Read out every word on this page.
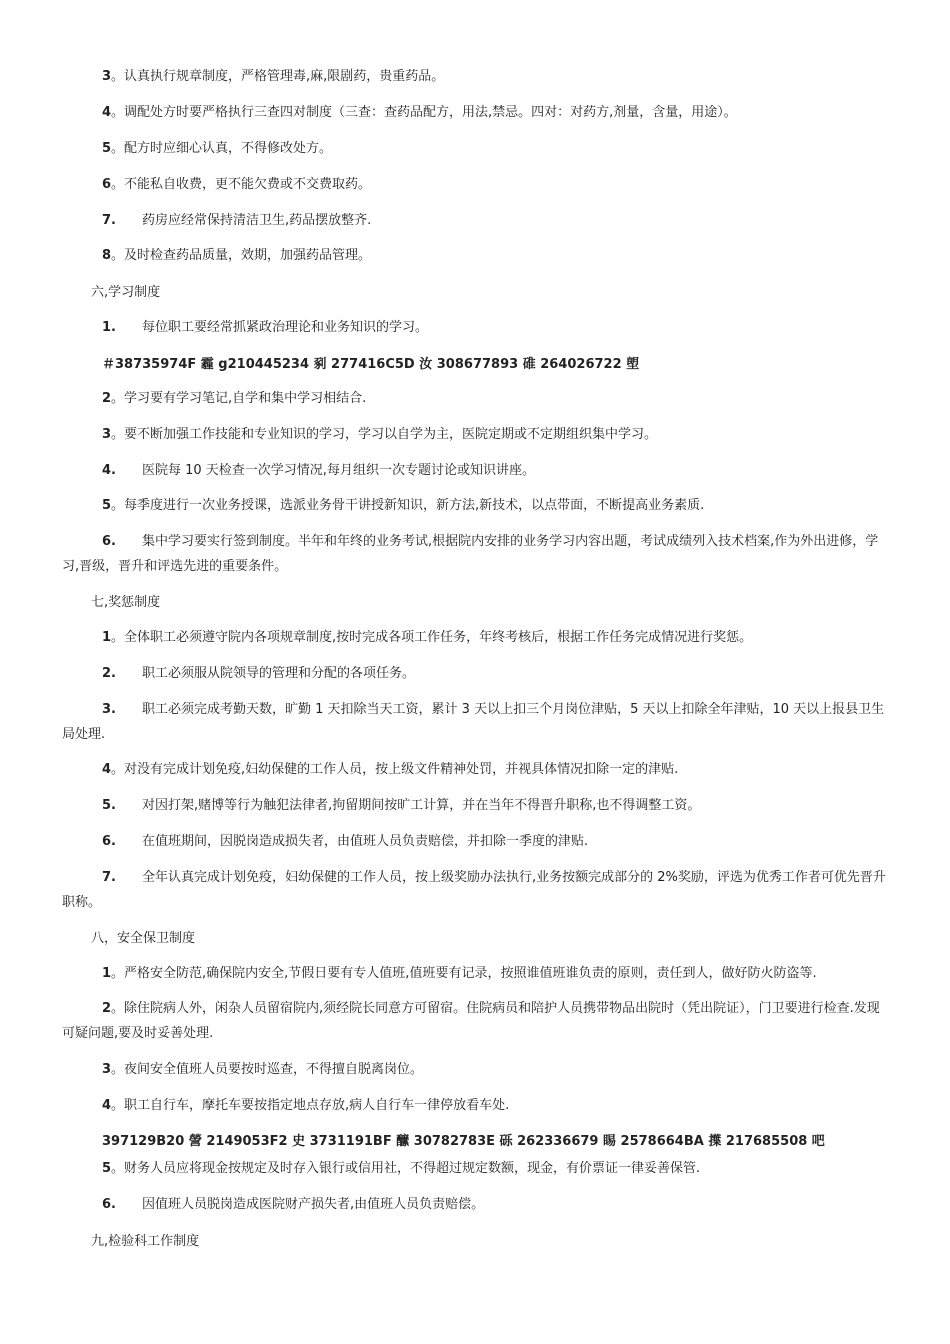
3。认真执行规章制度，严格管理毒,麻,限剧药，贵重药品。
4。调配处方时要严格执行三查四对制度（三查：查药品配方，用法,禁忌。四对：对药方,剂量，含量，用途）。
5。配方时应细心认真，不得修改处方。
6。不能私自收费，更不能欠费或不交费取药。
7. 药房应经常保持清洁卫生,药品摆放整齐.
8。及时检查药品质量，效期，加强药品管理。
六,学习制度
1. 每位职工要经常抓紧政治理论和业务知识的学习。
＃38735974F 霾 g210445234 剢 277416C5D 汝 308677893 碓 264026722 塱
2。学习要有学习笔记,自学和集中学习相结合.
3。要不断加强工作技能和专业知识的学习，学习以自学为主，医院定期或不定期组织集中学习。
4. 医院每 10 天检查一次学习情况,每月组织一次专题讨论或知识讲座。
5。每季度进行一次业务授课，选派业务骨干讲授新知识，新方法,新技术，以点带面，不断提高业务素质.
6. 集中学习要实行签到制度。半年和年终的业务考试,根据院内安排的业务学习内容出题，考试成绩列入技术档案,作为外出进修，学习,晋级，晋升和评选先进的重要条件。
七,奖惩制度
1。全体职工必须遵守院内各项规章制度,按时完成各项工作任务，年终考核后，根据工作任务完成情况进行奖惩。
2. 职工必须服从院领导的管理和分配的各项任务。
3. 职工必须完成考勤天数，旷勤 1 天扣除当天工资，累计 3 天以上扣三个月岗位津贴，5 天以上扣除全年津贴，10 天以上报县卫生局处理.
4。对没有完成计划免疫,妇幼保健的工作人员，按上级文件精神处罚，并视具体情况扣除一定的津贴.
5. 对因打架,赌博等行为触犯法律者,拘留期间按旷工计算，并在当年不得晋升职称,也不得调整工资。
6. 在值班期间，因脱岗造成损失者，由值班人员负责赔偿，并扣除一季度的津贴.
7. 全年认真完成计划免疫，妇幼保健的工作人员，按上级奖励办法执行,业务按额完成部分的 2%奖励，评选为优秀工作者可优先晋升职称。
八，安全保卫制度
1。严格安全防范,确保院内安全,节假日要有专人值班,值班要有记录，按照谁值班谁负责的原则，责任到人，做好防火防盗等.
2。除住院病人外，闲杂人员留宿院内,须经院长同意方可留宿。住院病员和陪护人员携带物品出院时（凭出院证），门卫要进行检查.发现可疑问题,要及时妥善处理.
3。夜间安全值班人员要按时巡查，不得擅自脱离岗位。
4。职工自行车，摩托车要按指定地点存放,病人自行车一律停放看车处.
397129B20 謍 2149053F2 史 3731191BF 醿 30782783E 砾 262336679 睗 2578664BA 擛 217685508 吧
5。财务人员应将现金按规定及时存入银行或信用社，不得超过规定数额，现金，有价票证一律妥善保管.
6. 因值班人员脱岗造成医院财产损失者,由值班人员负责赔偿。
九,检验科工作制度
